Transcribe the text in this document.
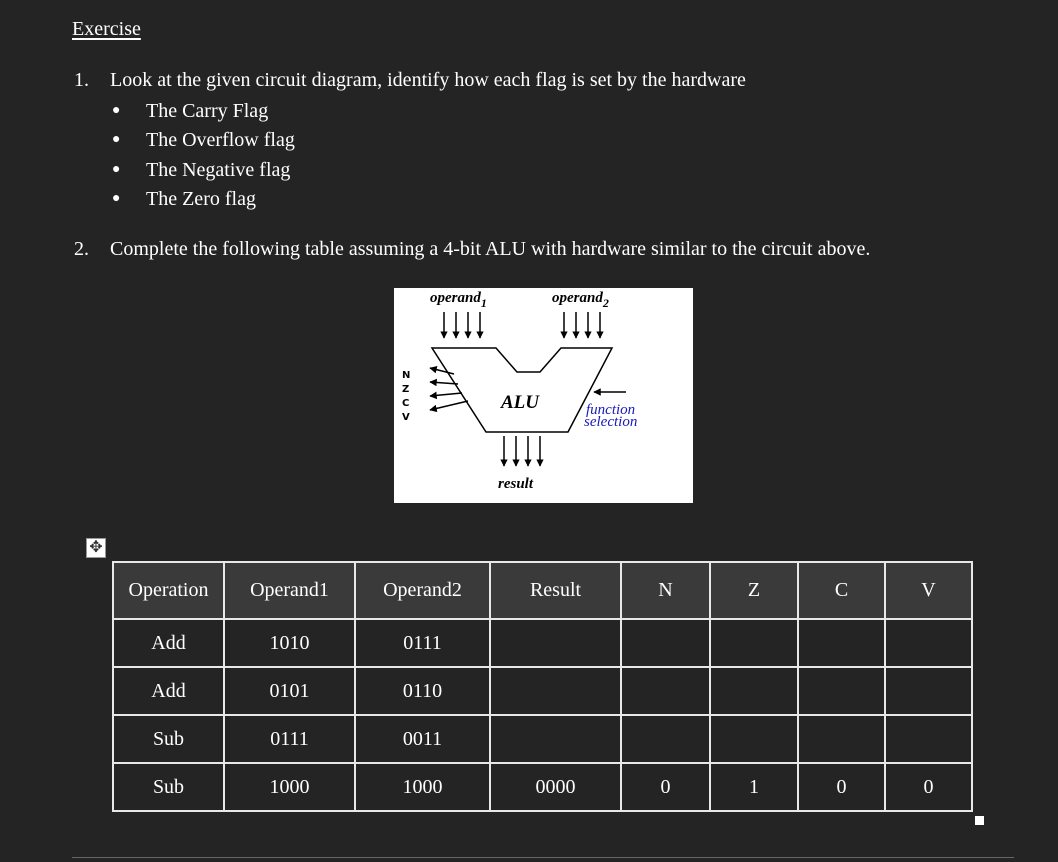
Exercise
1. Look at the given circuit diagram, identify how each flag is set by the hardware
● The Carry Flag
● The Overflow flag
● The Negative flag
● The Zero flag
2. Complete the following table assuming a 4-bit ALU with hardware similar to the circuit above.
operand$_1$	operand$_2$
ALU
N
Z
C
V	function
selection
result
✥
Operation	Operand1	Operand2	Result	N	Z	C	V
Add	1010	0111					
Add	0101	0110					
Sub	0111	0011					
Sub	1000	1000	0000	0	1	0	0
